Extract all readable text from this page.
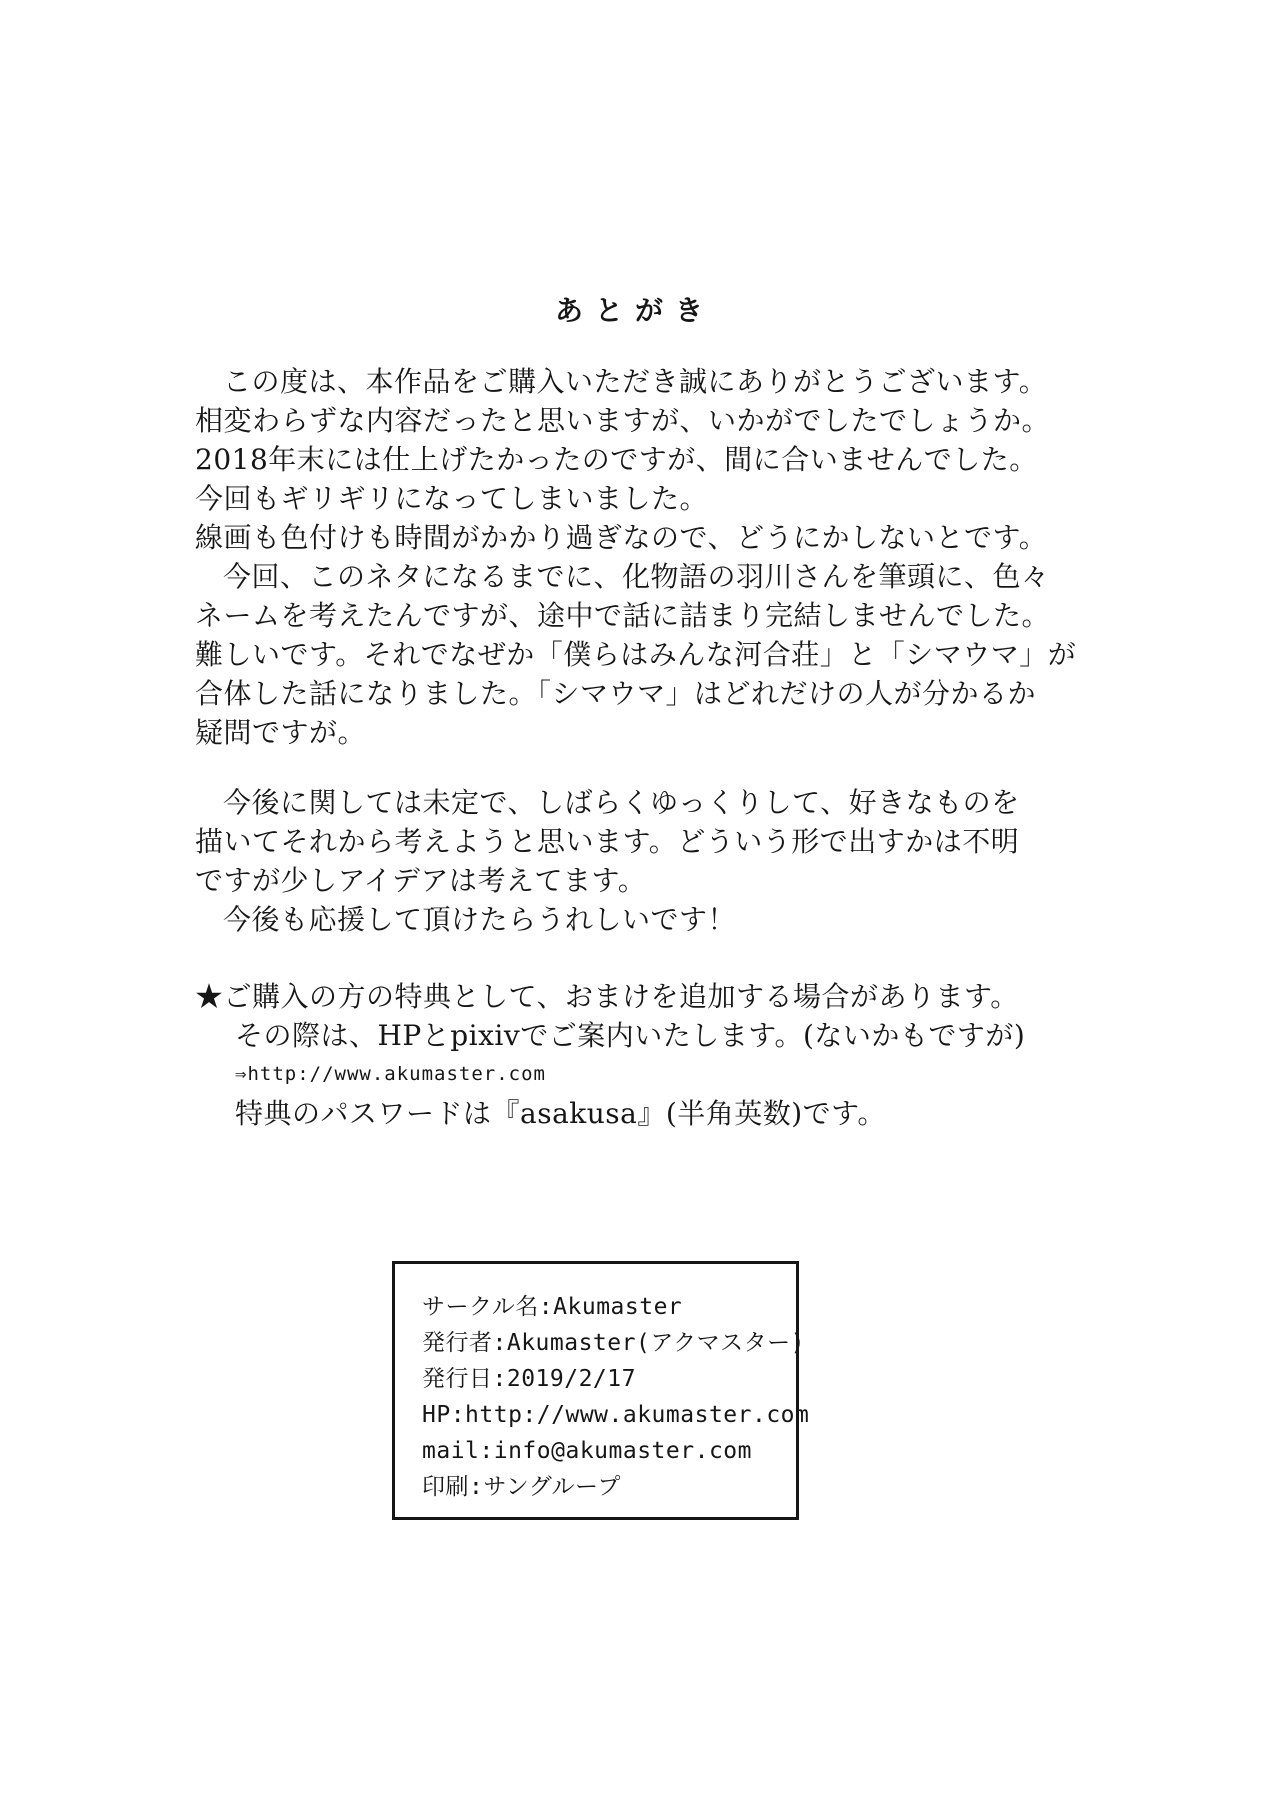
あとがき
この度は、本作品をご購入いただき誠にありがとうございます。
相変わらずな内容だったと思いますが、いかがでしたでしょうか。
2018年末には仕上げたかったのですが、間に合いませんでした。
今回もギリギリになってしまいました。
線画も色付けも時間がかかり過ぎなので、どうにかしないとです。
今回、このネタになるまでに、化物語の羽川さんを筆頭に、色々
ネームを考えたんですが、途中で話に詰まり完結しませんでした。
難しいです。それでなぜか「僕らはみんな河合荘」と「シマウマ」が
合体した話になりました。「シマウマ」はどれだけの人が分かるか
疑問ですが。
今後に関しては未定で、しばらくゆっくりして、好きなものを
描いてそれから考えようと思います。どういう形で出すかは不明
ですが少しアイデアは考えてます。
今後も応援して頂けたらうれしいです！
★ご購入の方の特典として、おまけを追加する場合があります。
その際は、HPとpixivでご案内いたします。(ないかもですが)
⇒http://www.akumaster.com
特典のパスワードは『asakusa』(半角英数)です。
サークル名:Akumaster
発行者:Akumaster(アクマスター)
発行日:2019/2/17
HP:http://www.akumaster.com
mail:info@akumaster.com
印刷:サングループ
